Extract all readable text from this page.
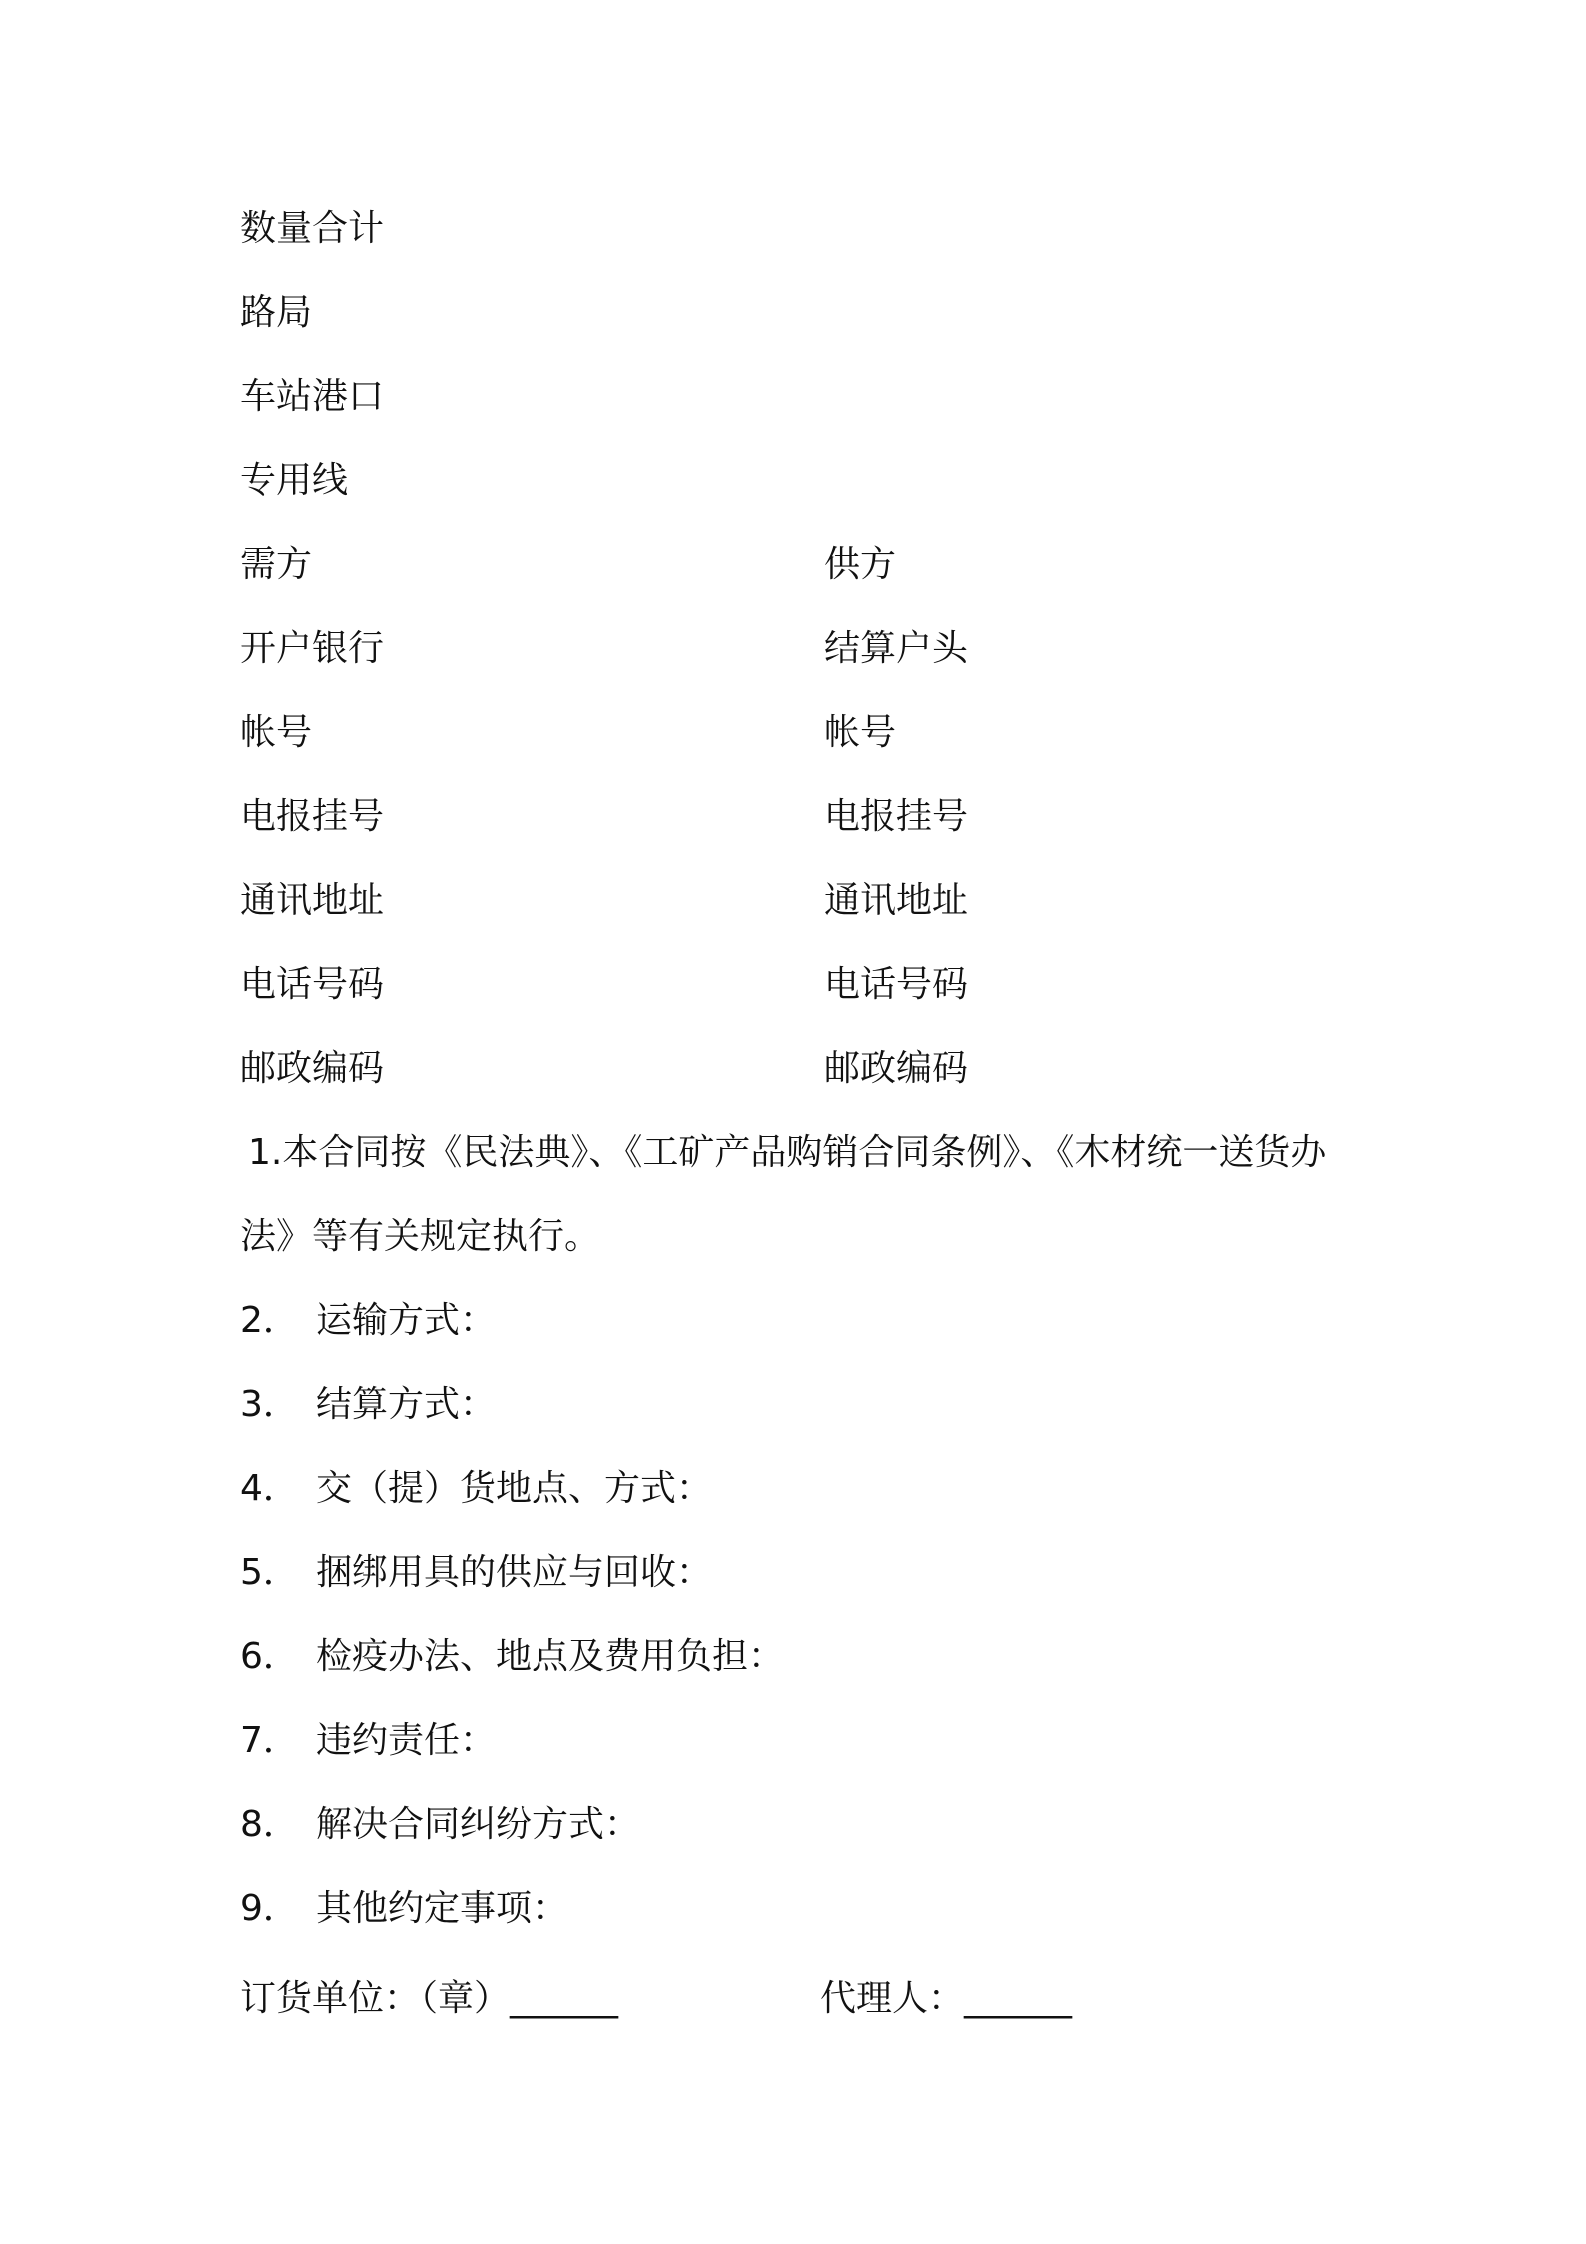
数量合计
路局
车站港口
专用线
需方	供方
开户银行	结算户头
帐号	帐号
电报挂号	电报挂号
通讯地址	通讯地址
电话号码	电话号码
邮政编码	邮政编码
1.本合同按《民法典》、《工矿产品购销合同条例》、《木材统一送货办法》等有关规定执行。
2． 运输方式：
3． 结算方式：
4． 交（提）货地点、方式：
5． 捆绑用具的供应与回收：
6． 检疫办法、地点及费用负担：
7． 违约责任：
8． 解决合同纠纷方式：
9． 其他约定事项：
订货单位：（章）______	代理人：______
